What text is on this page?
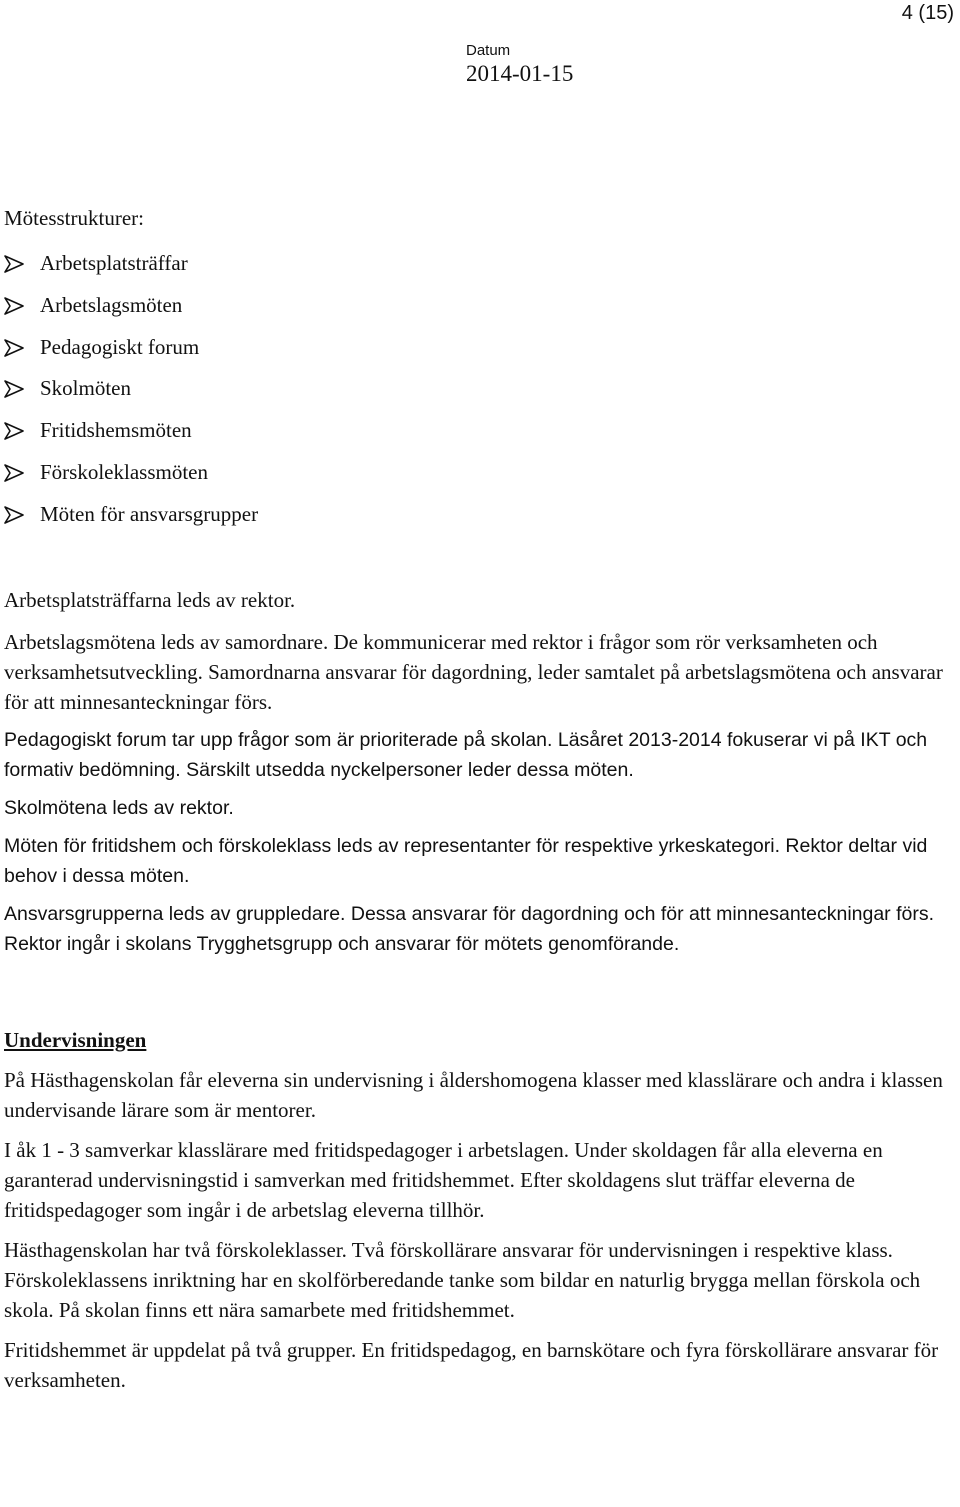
4 (15)
Datum
2014-01-15

Mötesstrukturer:

Arbetsplatsträffar
Arbetslagsmöten
Pedagogiskt forum
Skolmöten
Fritidshemsmöten
Förskoleklassmöten
Möten för ansvarsgrupper

Arbetsplatsträffarna leds av rektor.

Arbetslagsmötena leds av samordnare. De kommunicerar med rektor i frågor som rör verksamheten och verksamhetsutveckling. Samordnarna ansvarar för dagordning, leder samtalet på arbetslagsmötena och ansvarar för att minnesanteckningar förs.

Pedagogiskt forum tar upp frågor som är prioriterade på skolan. Läsåret 2013-2014 fokuserar vi på IKT och formativ bedömning. Särskilt utsedda nyckelpersoner leder dessa möten.

Skolmötena leds av rektor.

Möten för fritidshem och förskoleklass leds av representanter för respektive yrkeskategori. Rektor deltar vid behov i dessa möten.

Ansvarsgrupperna leds av gruppledare. Dessa ansvarar för dagordning och för att minnesanteckningar förs. Rektor ingår i skolans Trygghetsgrupp och ansvarar för mötets genomförande.

Undervisningen

På Hästhagenskolan får eleverna sin undervisning i åldershomogena klasser med klasslärare och andra i klassen undervisande lärare som är mentorer.

I åk 1 - 3 samverkar klasslärare med fritidspedagoger i arbetslagen. Under skoldagen får alla eleverna en garanterad undervisningstid i samverkan med fritidshemmet. Efter skoldagens slut träffar eleverna de fritidspedagoger som ingår i de arbetslag eleverna tillhör.

Hästhagenskolan har två förskoleklasser. Två förskollärare ansvarar för undervisningen i respektive klass. Förskoleklassens inriktning har en skolförberedande tanke som bildar en naturlig brygga mellan förskola och skola. På skolan finns ett nära samarbete med fritidshemmet.

Fritidshemmet är uppdelat på två grupper. En fritidspedagog, en barnskötare och fyra förskollärare ansvarar för verksamheten.
